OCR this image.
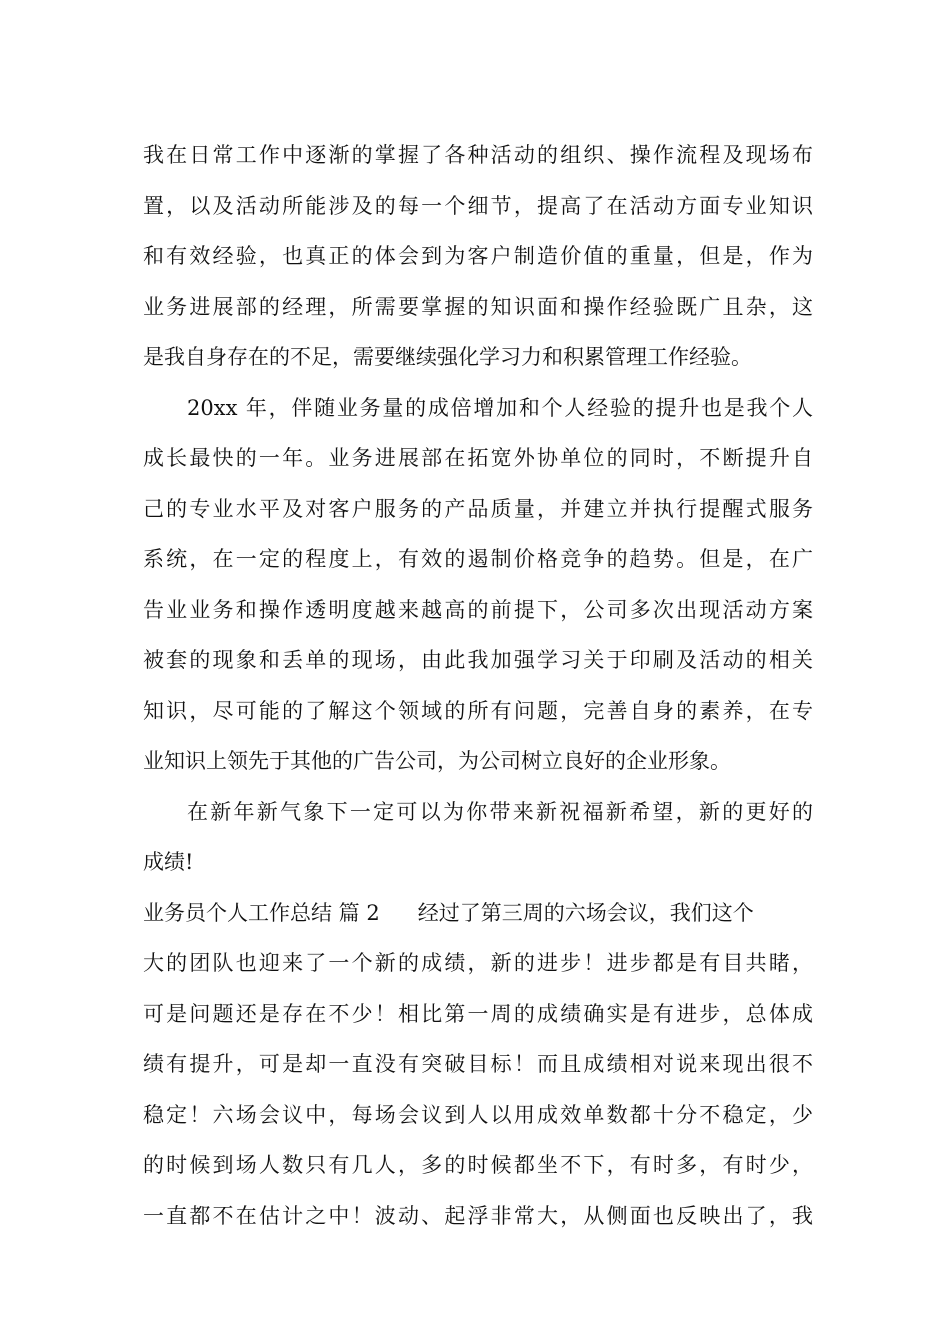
我在日常工作中逐渐的掌握了各种活动的组织、操作流程及现场布
置，以及活动所能涉及的每一个细节，提高了在活动方面专业知识
和有效经验，也真正的体会到为客户制造价值的重量，但是，作为
业务进展部的经理，所需要掌握的知识面和操作经验既广且杂，这
是我自身存在的不足，需要继续强化学习力和积累管理工作经验。
20xx 年，伴随业务量的成倍增加和个人经验的提升也是我个人
成长最快的一年。业务进展部在拓宽外协单位的同时，不断提升自
己的专业水平及对客户服务的产品质量，并建立并执行提醒式服务
系统，在一定的程度上，有效的遏制价格竞争的趋势。但是，在广
告业业务和操作透明度越来越高的前提下，公司多次出现活动方案
被套的现象和丢单的现场，由此我加强学习关于印刷及活动的相关
知识，尽可能的了解这个领域的所有问题，完善自身的素养，在专
业知识上领先于其他的广告公司，为公司树立良好的企业形象。
在新年新气象下一定可以为你带来新祝福新希望，新的更好的
成绩!
业务员个人工作总结 篇 2 经过了第三周的六场会议，我们这个
大的团队也迎来了一个新的成绩，新的进步！进步都是有目共睹，
可是问题还是存在不少！相比第一周的成绩确实是有进步，总体成
绩有提升，可是却一直没有突破目标！而且成绩相对说来现出很不
稳定！六场会议中，每场会议到人以用成效单数都十分不稳定，少
的时候到场人数只有几人，多的时候都坐不下，有时多，有时少，
一直都不在估计之中！波动、起浮非常大，从侧面也反映出了，我
